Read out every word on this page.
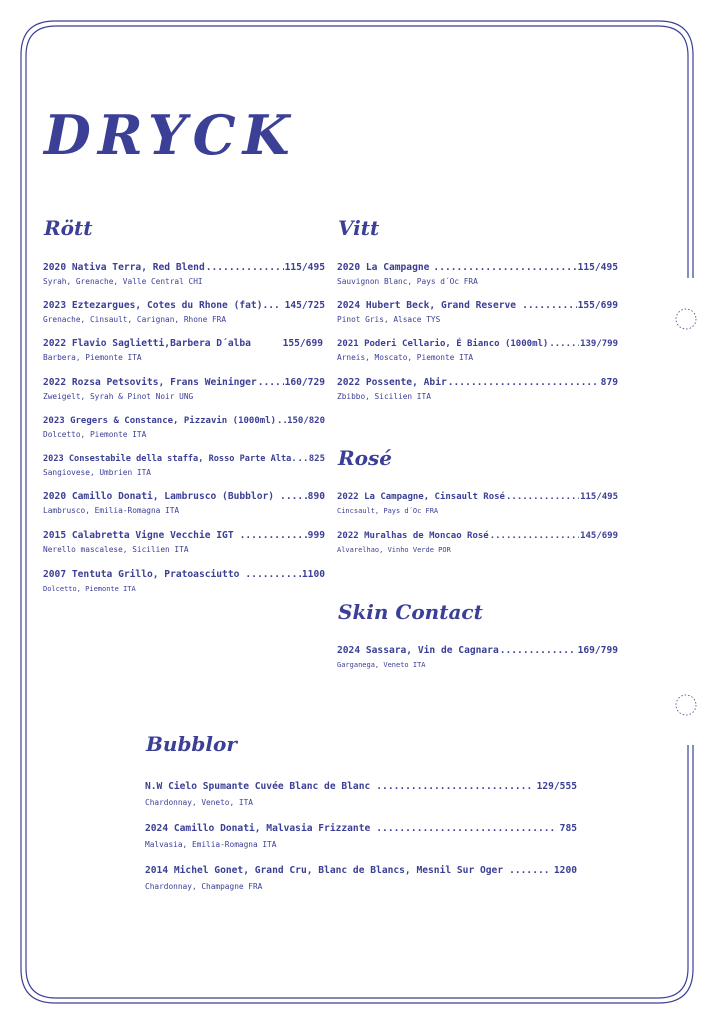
DRYCK
Rött
2020 Nativa Terra, Red Blend .....	115/495
Syrah, Grenache, Valle Central CHI
2023 Eztezargues, Cotes du Rhone (fat)... 145/725
Grenache, Cinsault, Carignan, Rhone FRA
2022 Flavio Saglietti,Barbera D´alba	155/699
Barbera, Piemonte ITA
2022 Rozsa Petsovits, Frans Weininger .....	160/729
Zweigelt, Syrah & Pinot Noir UNG
2023 Gregers & Constance, Pizzavin (1000ml) ..... 150/820
Dolcetto, Piemonte ITA
2023 Consestabile della staffa, Rosso Parte Alta. ..... 825
Sangiovese, Umbrien ITA
2020 Camillo Donati, Lambrusco (Bubblor) .....	890
Lambrusco, Emilia-Romagna ITA
2015 Calabretta Vigne Vecchie IGT .....	999
Nerello mascalese, Sicilien ITA
2007 Tentuta Grillo, Pratoasciutto .....	1100
Dolcetto, Piemonte ITA
Vitt
2020 La Campagne .....	115/495
Sauvignon Blanc, Pays d´Oc FRA
2024 Hubert Beck, Grand Reserve .....	155/699
Pinot Gris, Alsace TYS
2021 Poderi Cellario, É Bianco (1000ml) .....	139/799
Arneis, Moscato, Piemonte ITA
2022 Possente, Abir .....	879
Zbibbo, Sicilien ITA
Rosé
2022 La Campagne, Cinsault Rosé .....	115/495
Cincsault, Pays d´Oc FRA
2022 Muralhas de Moncao Rosé .....	145/699
Alvarelhao, Vinho Verde POR
Skin Contact
2024 Sassara, Vin de Cagnara .....	169/799
Garganega, Veneto ITA
Bubblor
N.W Cielo Spumante Cuvée Blanc de Blanc .....	129/555
Chardonnay, Veneto, ITA
2024 Camillo Donati, Malvasia Frizzante .....	785
Malvasia, Emilia-Romagna ITA
2014 Michel Gonet, Grand Cru, Blanc de Blancs, Mesnil Sur Oger .....	1200
Chardonnay, Champagne FRA
